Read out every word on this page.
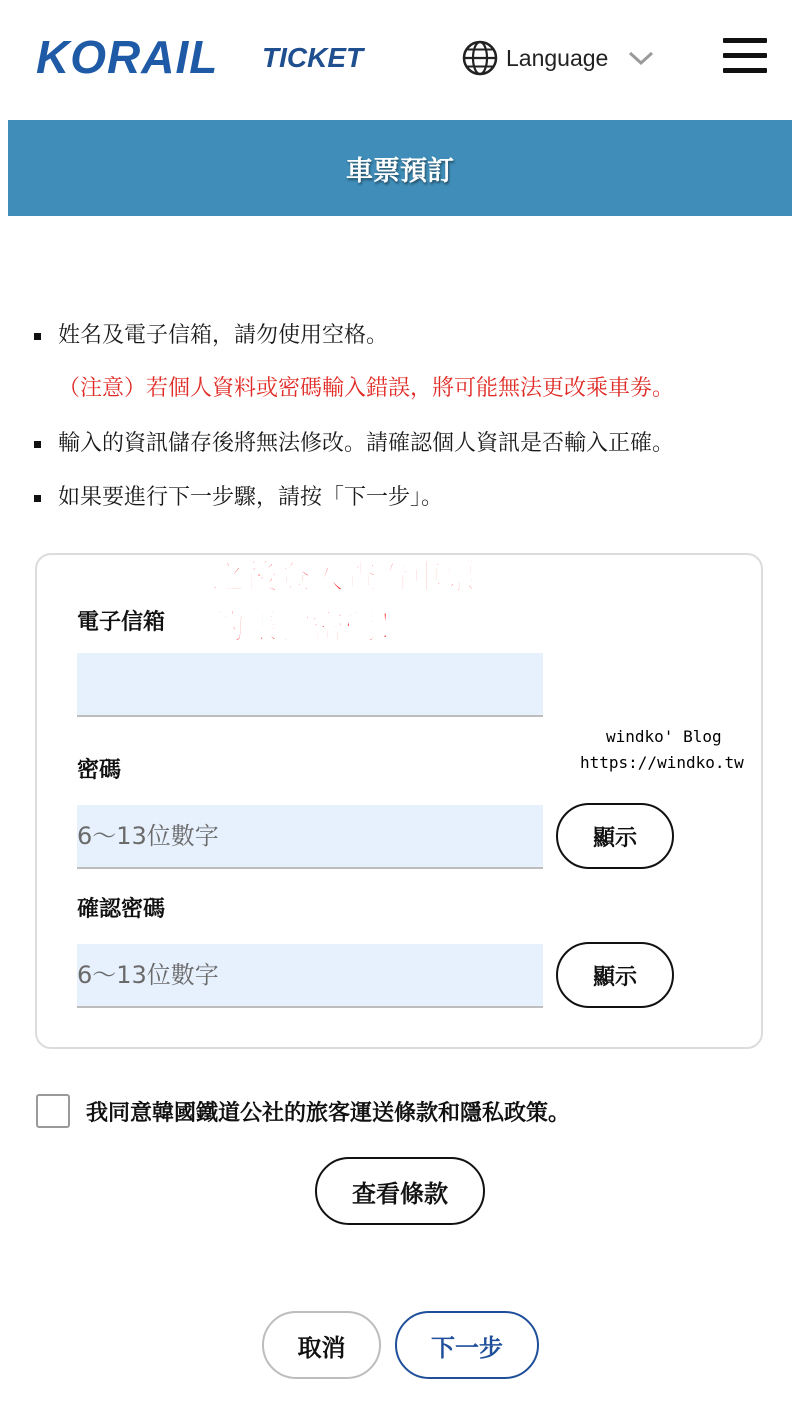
KORAIL TICKET	Language
車票預訂
姓名及電子信箱，請勿使用空格。
（注意）若個人資料或密碼輸入錯誤，將可能無法更改乘車劵。
輸入的資訊儲存後將無法修改。請確認個人資訊是否輸入正確。
如果要進行下一步驟，請按「下一步」。
電子信箱
密碼
6～13位數字
顯示
確認密碼
6～13位數字
顯示
之後登入查看車票
的帳號密碼！
windko' Blog
https://windko.tw
我同意韓國鐵道公社的旅客運送條款和隱私政策。
查看條款
取消	下一步
